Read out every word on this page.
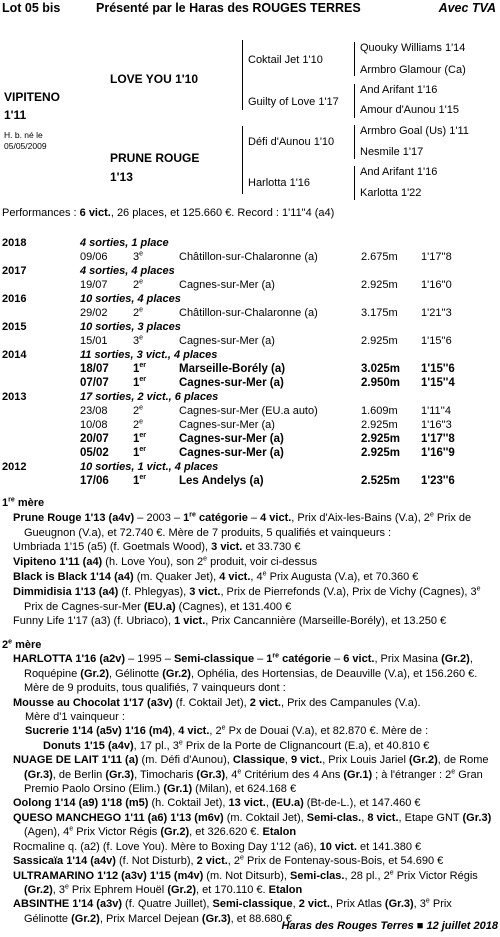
Lot 05 bis	Présenté par le Haras des ROUGES TERRES	Avec TVA
VIPITENO
1'11
H. b. né le
05/05/2009
LOVE YOU 1'10
PRUNE ROUGE
1'13
Coktail Jet 1'10
Guilty of Love 1'17
Défi d'Aunou 1'10
Harlotta 1'16
Quouky Williams 1'14
Armbro Glamour (Ca)
And Arifant 1'16
Amour d'Aunou 1'15
Armbro Goal (Us) 1'11
Nesmile 1'17
And Arifant 1'16
Karlotta 1'22
Performances : 6 vict., 26 places, et 125.660 €. Record : 1'11"4 (a4)
2018	4 sorties, 1 place				
	09/06	3e	Châtillon-sur-Chalaronne (a)	2.675m	1'17''8
2017	4 sorties, 4 places				
	19/07	2e	Cagnes-sur-Mer (a)	2.925m	1'16''0
2016	10 sorties, 4 places				
	29/02	2e	Châtillon-sur-Chalaronne (a)	3.175m	1'21''3
2015	10 sorties, 3 places				
	15/01	3e	Cagnes-sur-Mer (a)	2.925m	1'15''6
2014	11 sorties, 3 vict., 4 places				
	18/07	1er	Marseille-Borély (a)	3.025m	1'15''6
	07/07	1er	Cagnes-sur-Mer (a)	2.950m	1'15''4
2013	17 sorties, 2 vict., 6 places				
	23/08	2e	Cagnes-sur-Mer (EU.a auto)	1.609m	1'11''4
	10/08	2e	Cagnes-sur-Mer (a)	2.925m	1'16''3
	20/07	1er	Cagnes-sur-Mer (a)	2.925m	1'17''8
	05/02	1er	Cagnes-sur-Mer (a)	2.925m	1'16''9
2012	10 sorties, 1 vict., 4 places				
	17/06	1er	Les Andelys (a)	2.525m	1'23''6

1re mère

Prune Rouge 1'13 (a4v) – 2003 – 1re catégorie – 4 vict., Prix d'Aix-les-Bains (V.a), 2e Prix de Gueugnon (V.a), et 72.740 €. Mère de 7 produits, 5 qualifiés et vainqueurs :

Umbriada 1'15 (a5) (f. Goetmals Wood), 3 vict. et 33.730 €

Vipiteno 1'11 (a4) (h. Love You), son 2e produit, voir ci-dessus

Black is Black 1'14 (a4) (m. Quaker Jet), 4 vict., 4e Prix Augusta (V.a), et 70.360 €

Dimmidisia 1'13 (a4) (f. Phlegyas), 3 vict., Prix de Pierrefonds (V.a), Prix de Vichy (Cagnes), 3e Prix de Cagnes-sur-Mer (EU.a) (Cagnes), et 131.400 €

Funny Life 1'17 (a3) (f. Ubriaco), 1 vict., Prix Cancannière (Marseille-Borély), et 13.250 €

2e mère

HARLOTTA 1'16 (a2v) – 1995 – Semi-classique – 1re catégorie – 6 vict., Prix Masina (Gr.2), Roquépine (Gr.2), Gélinotte (Gr.2), Ophélia, des Hortensias, de Deauville (V.a), et 156.260 €. Mère de 9 produits, tous qualifiés, 7 vainqueurs dont :

Mousse au Chocolat 1'17 (a3v) (f. Coktail Jet), 2 vict., Prix des Campanules (V.a).

Mère d'1 vainqueur :

Sucrerie 1'14 (a5v) 1'16 (m4), 4 vict., 2e Px de Douai (V.a), et 82.870 €. Mère de :

Donuts 1'15 (a4v), 17 pl., 3e Prix de la Porte de Clignancourt (E.a), et 40.810 €

NUAGE DE LAIT 1'11 (a) (m. Défi d'Aunou), Classique, 9 vict., Prix Louis Jariel (Gr.2), de Rome (Gr.3), de Berlin (Gr.3), Timocharis (Gr.3), 4e Critérium des 4 Ans (Gr.1) ; à l'étranger : 2e Gran Premio Paolo Orsino (Elim.) (Gr.1) (Milan), et 624.168 €

Oolong 1'14 (a9) 1'18 (m5) (h. Coktail Jet), 13 vict., (EU.a) (Bt-de-L.), et 147.460 €

QUESO MANCHEGO 1'11 (a6) 1'13 (m6v) (m. Coktail Jet), Semi-clas., 8 vict., Etape GNT (Gr.3) (Agen), 4e Prix Victor Régis (Gr.2), et 326.620 €. Etalon

Rocmaline q. (a2) (f. Love You). Mère to Boxing Day 1'12 (a6), 10 vict. et 141.380 €

Sassicaïa 1'14 (a4v) (f. Not Disturb), 2 vict., 2e Prix de Fontenay-sous-Bois, et 54.690 €

ULTRAMARINO 1'12 (a3v) 1'15 (m4v) (m. Not Ditsurb), Semi-clas., 28 pl., 2e Prix Victor Régis (Gr.2), 3e Prix Ephrem Houël (Gr.2), et 170.110 €. Etalon

ABSINTHE 1'14 (a3v) (f. Quatre Juillet), Semi-classique, 2 vict., Prix Atlas (Gr.3), 3e Prix Gélinotte (Gr.2), Prix Marcel Dejean (Gr.3), et 88.680 €

Haras des Rouges Terres ■ 12 juillet 2018
